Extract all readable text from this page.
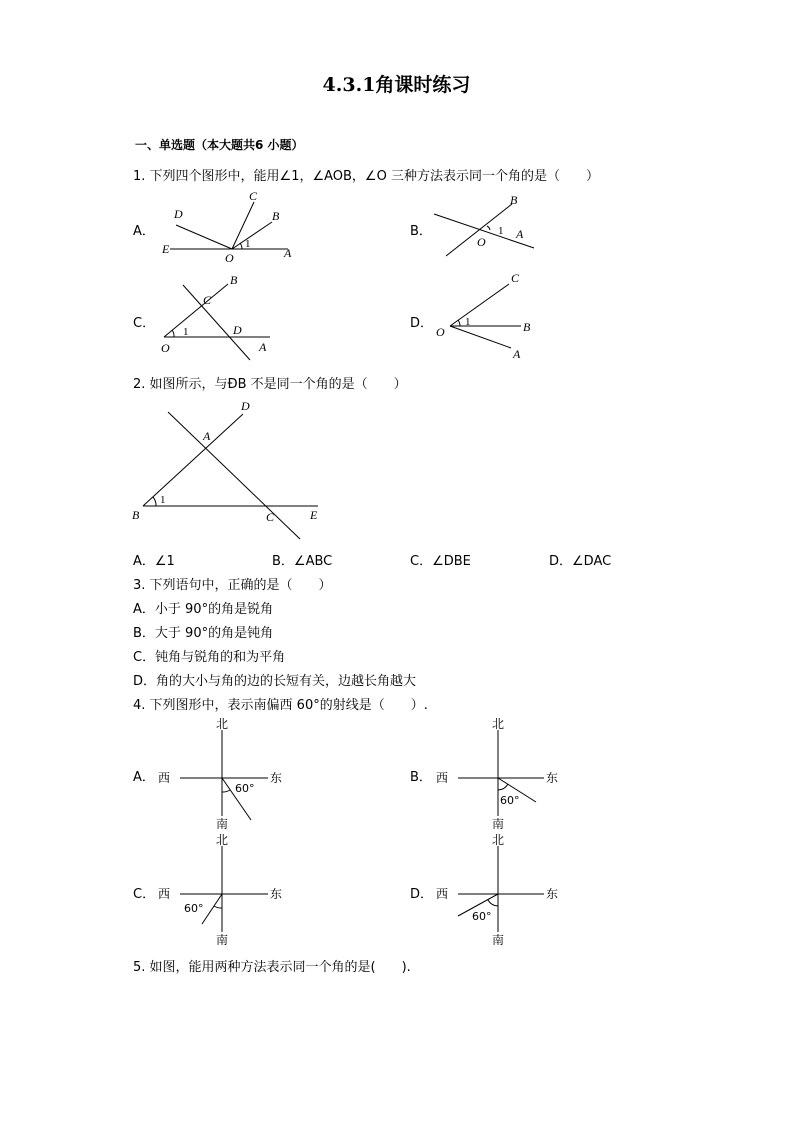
4.3.1角课时练习
一、单选题（本大题共6 小题）
1. 下列四个图形中，能用∠1，∠AOB，∠O 三种方法表示同一个角的是（　　）
A．
D
C
B
E
O	A
1
B．
B
1 A
O
C．
B
C
1	D
O	A
D．
C
1	B
O
A
2. 如图所示，与ÐB 不是同一个角的是（　　）
D
A
1
B	C	E
A．∠1	B．∠ABC	C．∠DBE	D．∠DAC
3. 下列语句中，正确的是（　　）
A．小于 90°的角是锐角
B．大于 90°的角是钝角
C．钝角与锐角的和为平角
D．角的大小与角的边的长短有关，边越长角越大
4. 下列图形中，表示南偏西 60°的射线是（　　）.
A．
北
西	东
南
60°
B．
北
西	东
南
60°
C．
北
西	东
南
60°
D．
北
西	东
南
60°
5. 如图，能用两种方法表示同一个角的是(　　).
